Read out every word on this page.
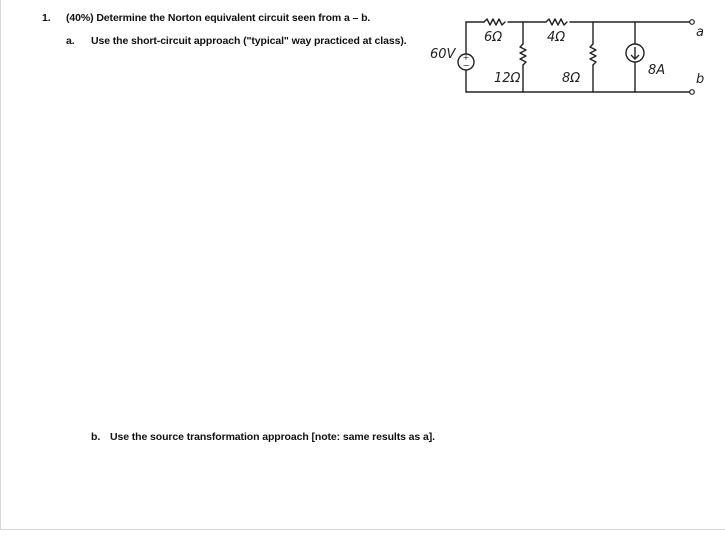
1. (40%) Determine the Norton equivalent circuit seen from a – b.
a. Use the short-circuit approach ("typical" way practiced at class).
+
−
60V
6Ω	4Ω
12Ω	8Ω
8A
a
b
b. Use the source transformation approach [note: same results as a].
